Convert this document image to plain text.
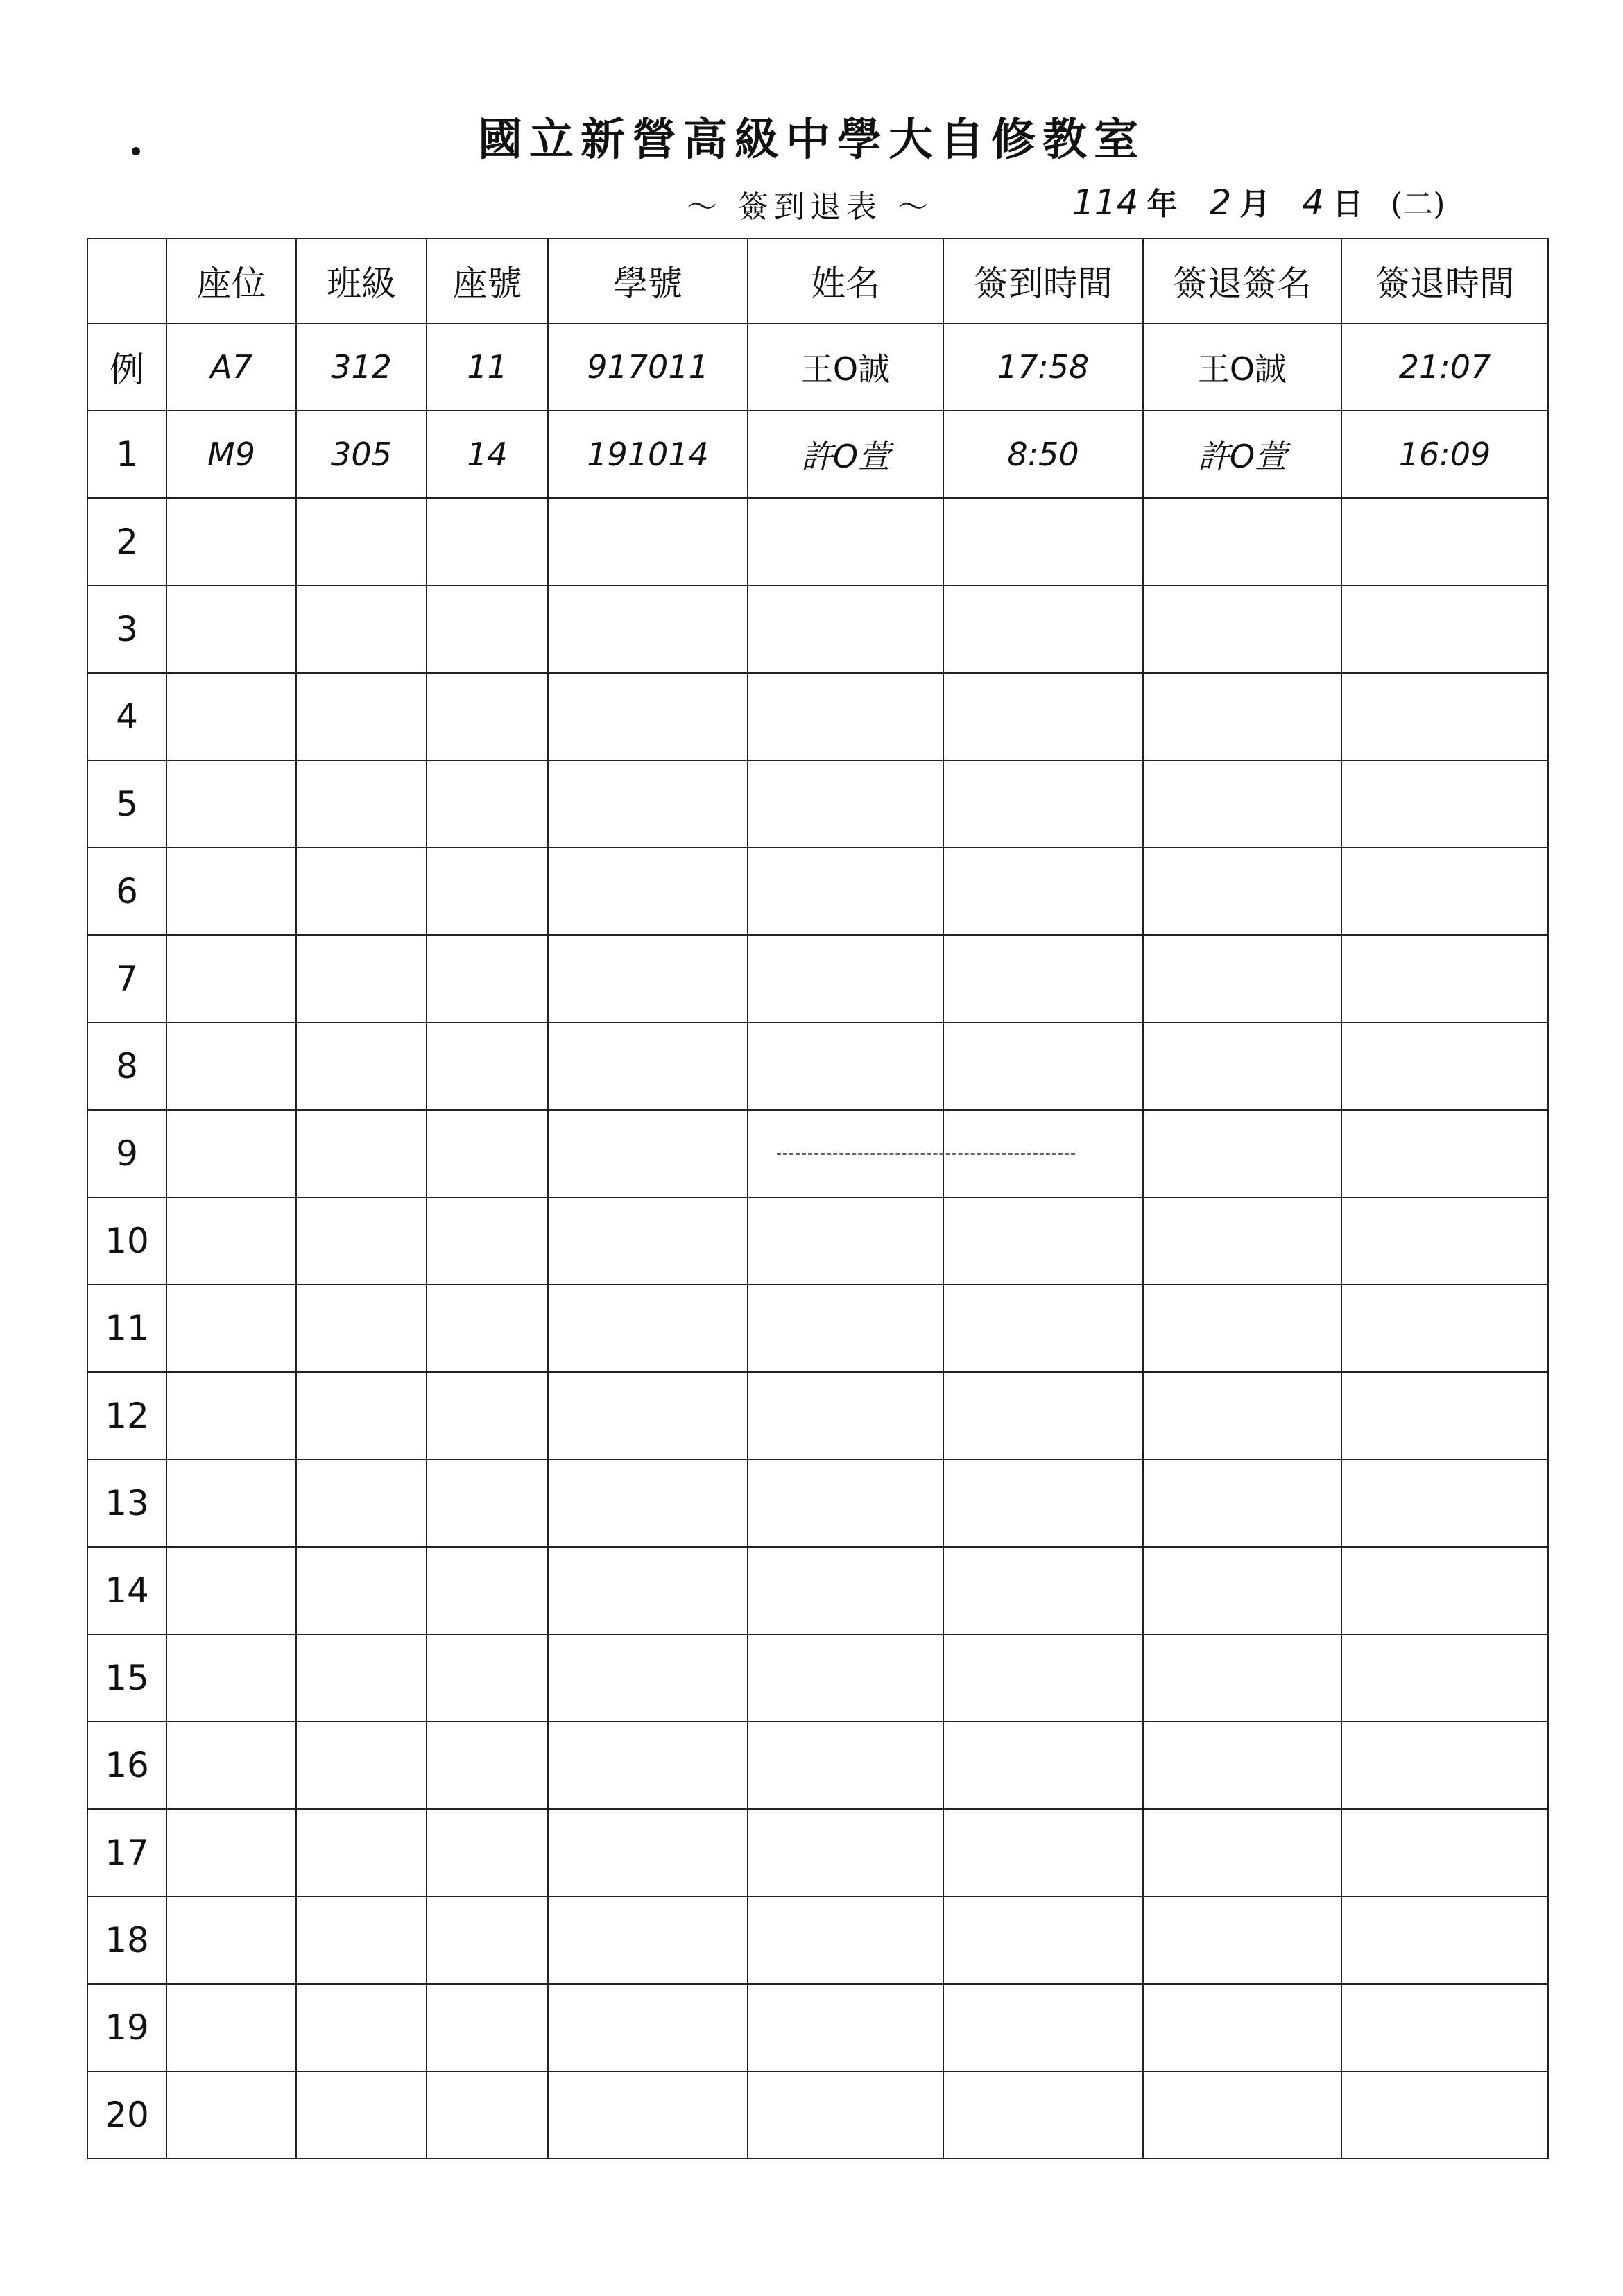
國立新營高級中學大自修教室
〜 簽到退表 〜	114 年 2 月 4 日 (二)
	座位	班級	座號	學號	姓名	簽到時間	簽退簽名	簽退時間
例	A7	312	11	917011	王O誠	17:58	王O誠	21:07
1	M9	305	14	191014	許O萱	8:50	許O萱	16:09
2								
3								
4								
5								
6								
7								
8								
9								
10								
11								
12								
13								
14								
15								
16								
17								
18								
19								
20								
